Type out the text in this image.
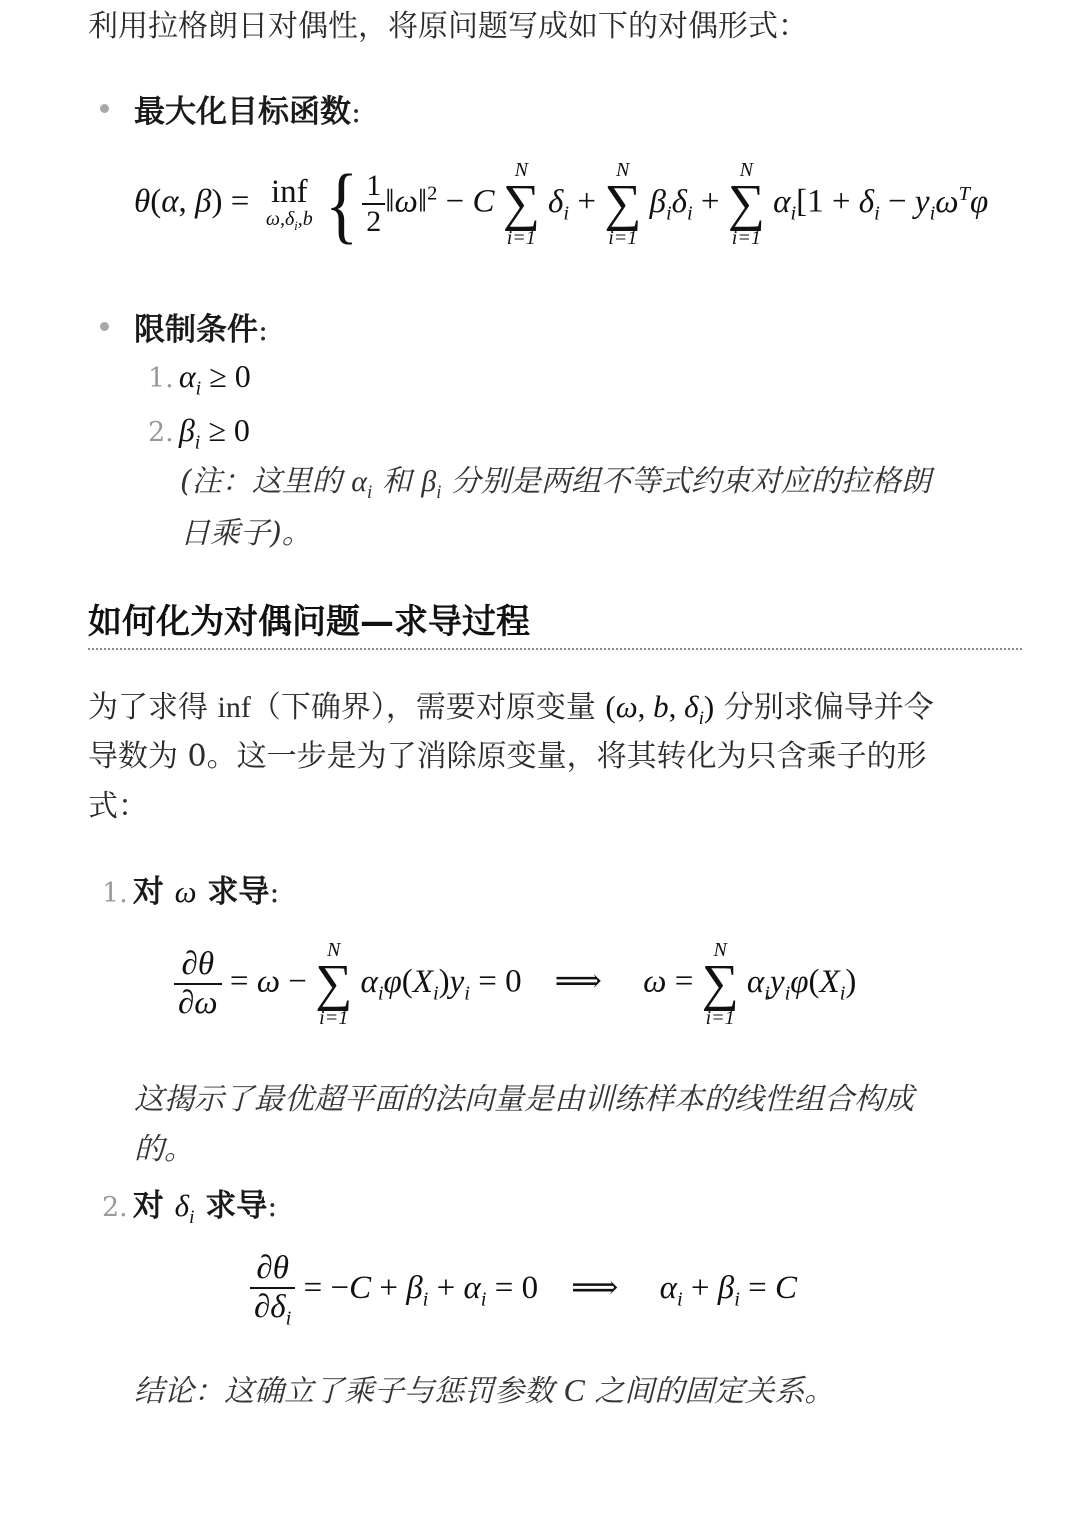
利用拉格朗日对偶性，将原问题写成如下的对偶形式：
最大化目标函数:
θ(α, β) = inf
$\omega,\delta_i,b$ { $\frac{1}{2}$ ‖ω‖$^2$ − C
N
∑
i=1
$\delta_i$ +
N
∑
i=1
$\beta_i\delta_i$ +
N
∑
i=1
$\alpha_i[1 + \delta_i - y_i\omega^T\varphi$
限制条件:
1. $\alpha_i \ge 0$
2. $\beta_i \ge 0$
(注：这里的 $\alpha_i$ 和 $\beta_i$ 分别是两组不等式约束对应的拉格朗
日乘子)。
如何化为对偶问题—求导过程
为了求得 inf（下确界），需要对原变量 (ω, b, $\delta_i$) 分别求偏导并令
导数为 0。这一步是为了消除原变量，将其转化为只含乘子的形
式：
1. 对 ω 求导:
$\frac{\partial\theta}{\partial\omega} = \omega$ −
N
∑
i=1
$\alpha_i\varphi(X_i)y_i = 0$    ⟹     ω =
N
∑
i=1
$\alpha_iy_i\varphi(X_i)$
这揭示了最优超平面的法向量是由训练样本的线性组合构成
的。
2. 对 $\delta_i$ 求导:
$\frac{\partial\theta}{\partial\delta_i} = -C + \beta_i + \alpha_i = 0$    ⟹     $\alpha_i + \beta_i = C$
结论：这确立了乘子与惩罚参数 C 之间的固定关系。
